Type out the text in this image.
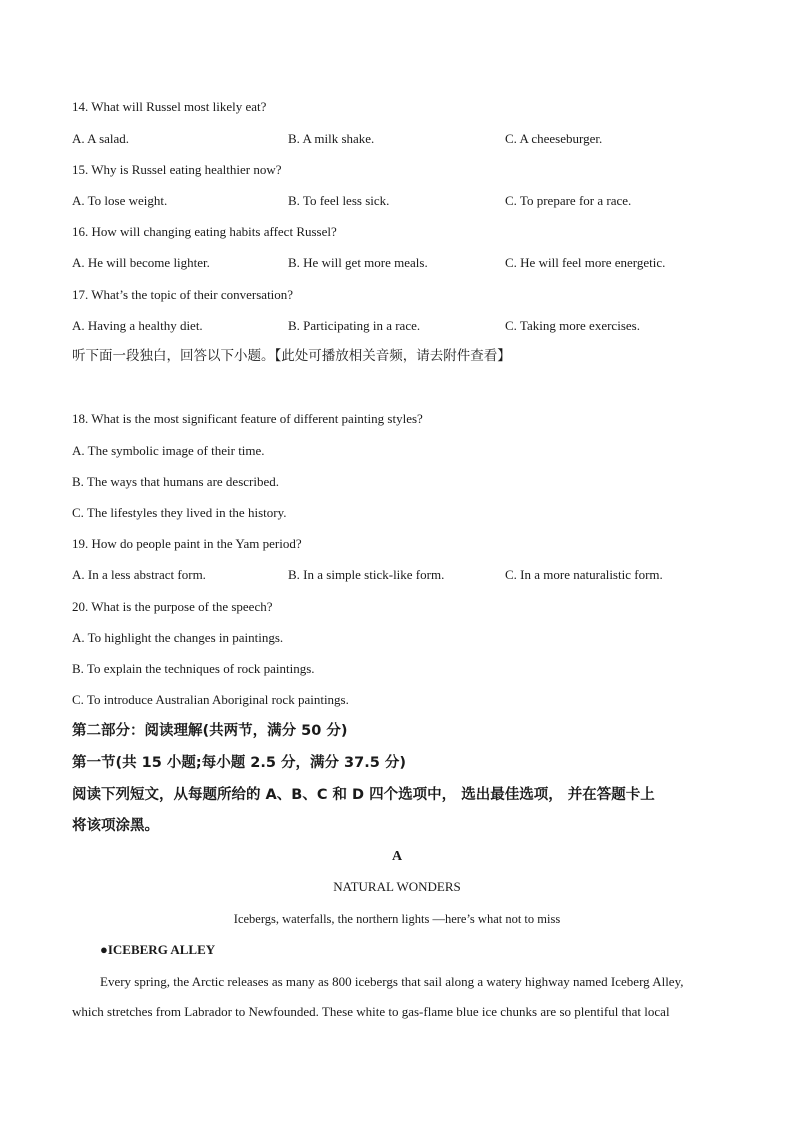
14. What will Russel most likely eat?
A. A salad.	B. A milk shake.	C. A cheeseburger.
15. Why is Russel eating healthier now?
A. To lose weight.	B. To feel less sick.	C. To prepare for a race.
16. How will changing eating habits affect Russel?
A. He will become lighter.	B. He will get more meals.	C. He will feel more energetic.
17. What’s the topic of their conversation?
A. Having a healthy diet.	B. Participating in a race.	C. Taking more exercises.
听下面一段独白，回答以下小题。【此处可播放相关音频，请去附件查看】
18. What is the most significant feature of different painting styles?
A. The symbolic image of their time.
B. The ways that humans are described.
C. The lifestyles they lived in the history.
19. How do people paint in the Yam period?
A. In a less abstract form.	B. In a simple stick-like form.	C. In a more naturalistic form.
20. What is the purpose of the speech?
A. To highlight the changes in paintings.
B. To explain the techniques of rock paintings.
C. To introduce Australian Aboriginal rock paintings.
第二部分：阅读理解(共两节，满分 50 分)
第一节(共 15 小题;每小题 2.5 分，满分 37.5 分)
阅读下列短文，从每题所给的 A、B、C 和 D 四个选项中， 选出最佳选项， 并在答题卡上
将该项涂黑。
A
NATURAL WONDERS
Icebergs, waterfalls, the northern lights —here’s what not to miss
●ICEBERG ALLEY
Every spring, the Arctic releases as many as 800 icebergs that sail along a watery highway named Iceberg Alley,
which stretches from Labrador to Newfounded. These white to gas-flame blue ice chunks are so plentiful that local
